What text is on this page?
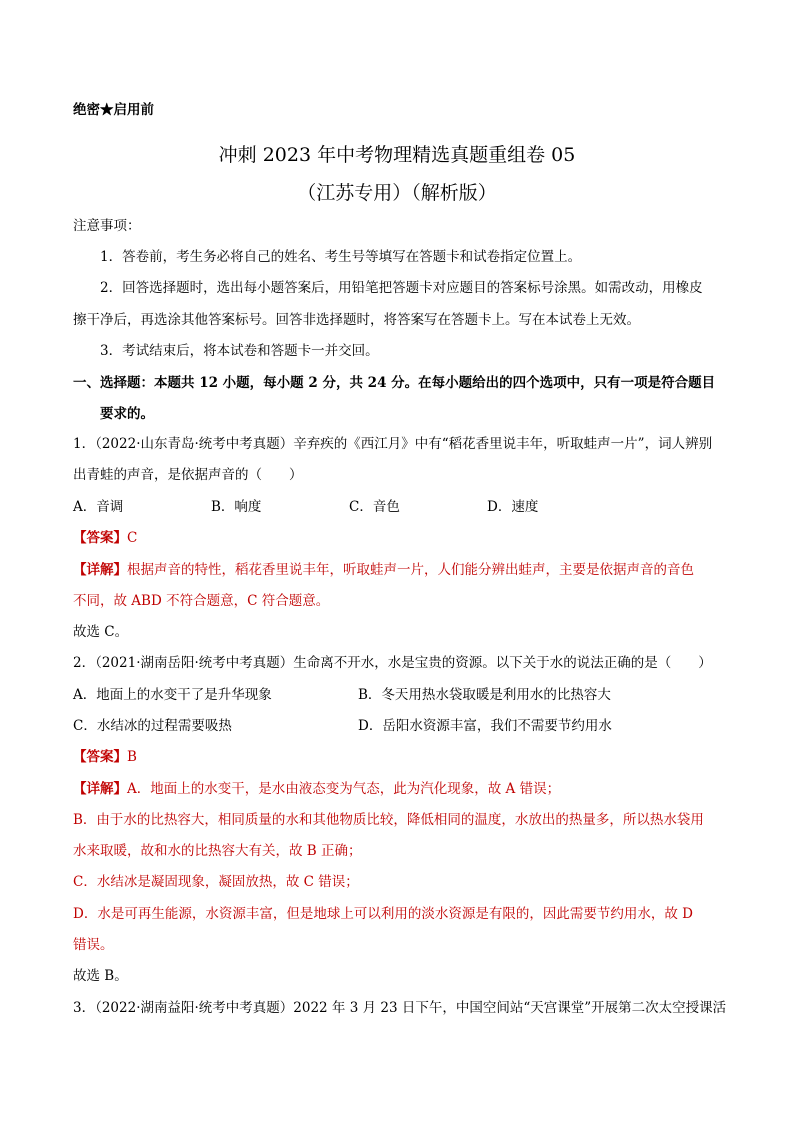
绝密★启用前
冲刺 2023 年中考物理精选真题重组卷 05
（江苏专用）（解析版）
注意事项：
1．答卷前，考生务必将自己的姓名、考生号等填写在答题卡和试卷指定位置上。
2．回答选择题时，选出每小题答案后，用铅笔把答题卡对应题目的答案标号涂黑。如需改动，用橡皮
擦干净后，再选涂其他答案标号。回答非选择题时，将答案写在答题卡上。写在本试卷上无效。
3．考试结束后，将本试卷和答题卡一并交回。
一、选择题：本题共 12 小题，每小题 2 分，共 24 分。在每小题给出的四个选项中，只有一项是符合题目
要求的。
1．（2022·山东青岛·统考中考真题）辛弃疾的《西江月》中有“稻花香里说丰年，听取蛙声一片”，词人辨别
出青蛙的声音，是依据声音的（　　）
A．音调	B．响度	C．音色	D．速度
【答案】C
【详解】根据声音的特性，稻花香里说丰年，听取蛙声一片，人们能分辨出蛙声，主要是依据声音的音色
不同，故 ABD 不符合题意，C 符合题意。
故选 C。
2．（2021·湖南岳阳·统考中考真题）生命离不开水，水是宝贵的资源。以下关于水的说法正确的是（　　）
A．地面上的水变干了是升华现象	B．冬天用热水袋取暖是利用水的比热容大
C．水结冰的过程需要吸热	D．岳阳水资源丰富，我们不需要节约用水
【答案】B
【详解】A．地面上的水变干，是水由液态变为气态，此为汽化现象，故 A 错误；
B．由于水的比热容大，相同质量的水和其他物质比较，降低相同的温度，水放出的热量多，所以热水袋用
水来取暖，故和水的比热容大有关，故 B 正确；
C．水结冰是凝固现象，凝固放热，故 C 错误；
D．水是可再生能源，水资源丰富，但是地球上可以利用的淡水资源是有限的，因此需要节约用水，故 D
错误。
故选 B。
3．（2022·湖南益阳·统考中考真题）2022 年 3 月 23 日下午，中国空间站“天宫课堂”开展第二次太空授课活
